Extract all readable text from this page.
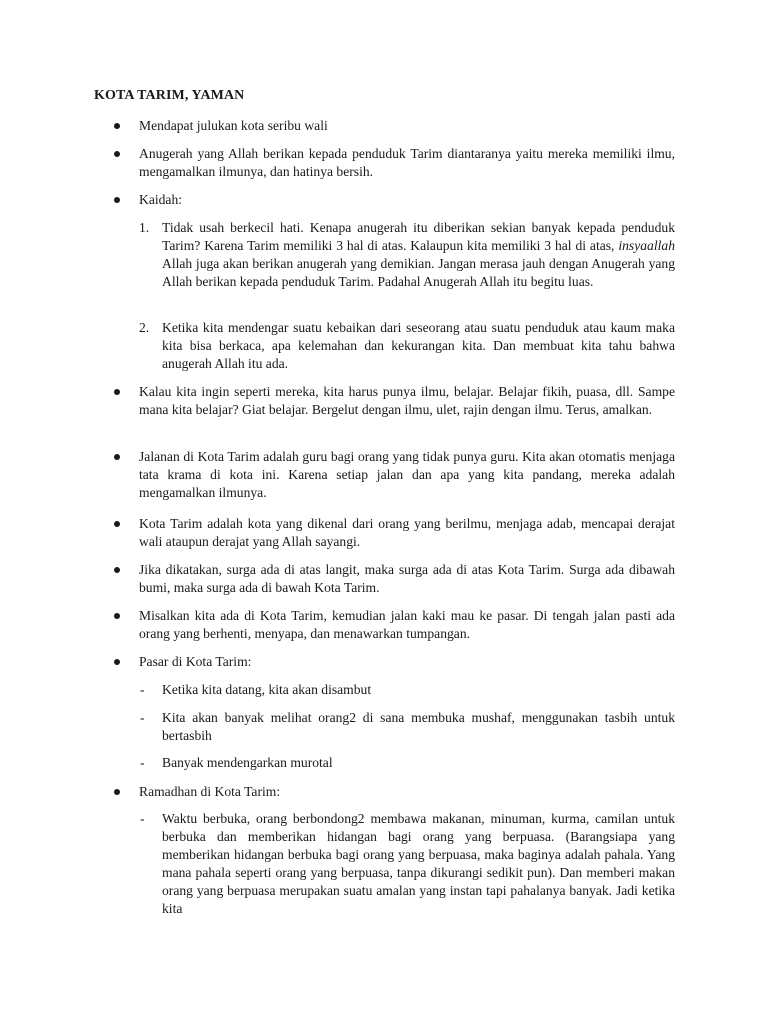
KOTA TARIM, YAMAN
Mendapat julukan kota seribu wali
Anugerah yang Allah berikan kepada penduduk Tarim diantaranya yaitu mereka memiliki ilmu, mengamalkan ilmunya, dan hatinya bersih.
Kaidah:
1. Tidak usah berkecil hati. Kenapa anugerah itu diberikan sekian banyak kepada penduduk Tarim? Karena Tarim memiliki 3 hal di atas. Kalaupun kita memiliki 3 hal di atas, insyaallah Allah juga akan berikan anugerah yang demikian. Jangan merasa jauh dengan Anugerah yang Allah berikan kepada penduduk Tarim. Padahal Anugerah Allah itu begitu luas.
2. Ketika kita mendengar suatu kebaikan dari seseorang atau suatu penduduk atau kaum maka kita bisa berkaca, apa kelemahan dan kekurangan kita. Dan membuat kita tahu bahwa anugerah Allah itu ada.
Kalau kita ingin seperti mereka, kita harus punya ilmu, belajar. Belajar fikih, puasa, dll. Sampe mana kita belajar? Giat belajar. Bergelut dengan ilmu, ulet, rajin dengan ilmu. Terus, amalkan.
Jalanan di Kota Tarim adalah guru bagi orang yang tidak punya guru. Kita akan otomatis menjaga tata krama di kota ini. Karena setiap jalan dan apa yang kita pandang, mereka adalah mengamalkan ilmunya.
Kota Tarim adalah kota yang dikenal dari orang yang berilmu, menjaga adab, mencapai derajat wali ataupun derajat yang Allah sayangi.
Jika dikatakan, surga ada di atas langit, maka surga ada di atas Kota Tarim. Surga ada dibawah bumi, maka surga ada di bawah Kota Tarim.
Misalkan kita ada di Kota Tarim, kemudian jalan kaki mau ke pasar. Di tengah jalan pasti ada orang yang berhenti, menyapa, dan menawarkan tumpangan.
Pasar di Kota Tarim:
- Ketika kita datang, kita akan disambut
- Kita akan banyak melihat orang2 di sana membuka mushaf, menggunakan tasbih untuk bertasbih
- Banyak mendengarkan murotal
Ramadhan di Kota Tarim:
- Waktu berbuka, orang berbondong2 membawa makanan, minuman, kurma, camilan untuk berbuka dan memberikan hidangan bagi orang yang berpuasa. (Barangsiapa yang memberikan hidangan berbuka bagi orang yang berpuasa, maka baginya adalah pahala. Yang mana pahala seperti orang yang berpuasa, tanpa dikurangi sedikit pun). Dan memberi makan orang yang berpuasa merupakan suatu amalan yang instan tapi pahalanya banyak. Jadi ketika kita
